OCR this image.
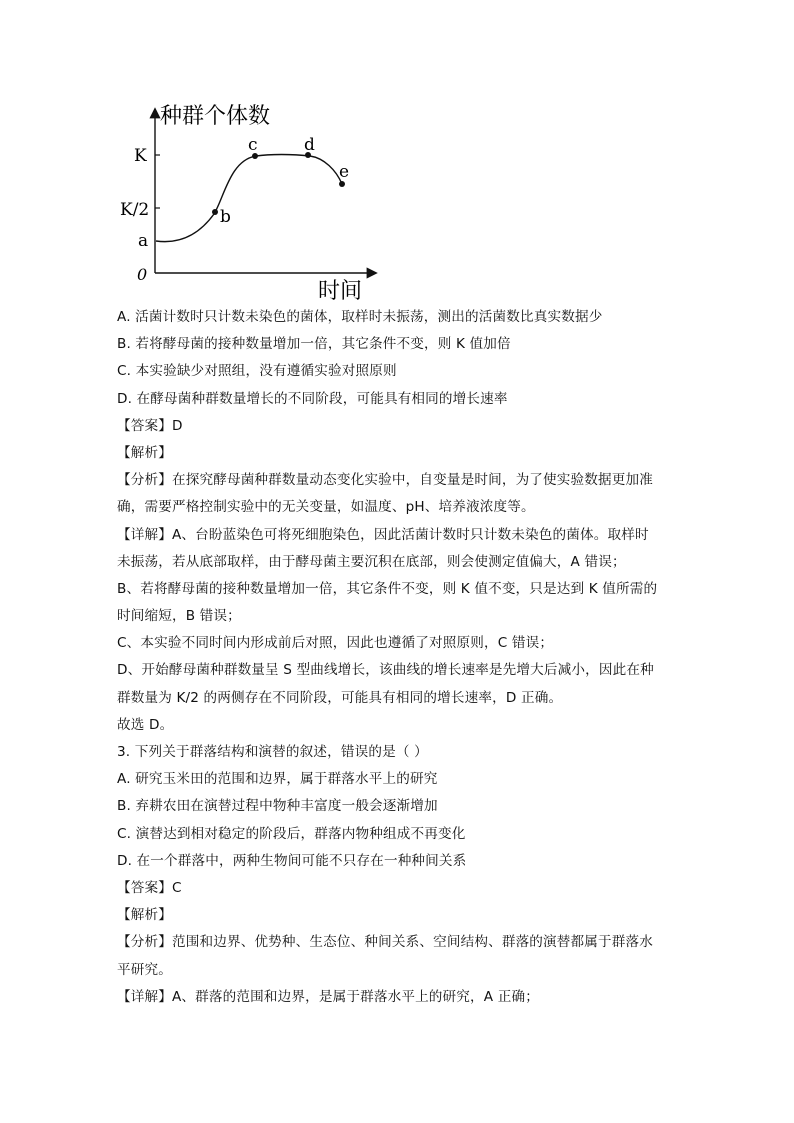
种群个体数
时间
0
K
K/2
a
b
c	d
e
A. 活菌计数时只计数未染色的菌体，取样时未振荡，测出的活菌数比真实数据少
B. 若将酵母菌的接种数量增加一倍，其它条件不变，则 K 值加倍
C. 本实验缺少对照组，没有遵循实验对照原则
D. 在酵母菌种群数量增长的不同阶段，可能具有相同的增长速率
【答案】D
【解析】
【分析】在探究酵母菌种群数量动态变化实验中，自变量是时间，为了使实验数据更加准
确，需要严格控制实验中的无关变量，如温度、pH、培养液浓度等。
【详解】A、台盼蓝染色可将死细胞染色，因此活菌计数时只计数未染色的菌体。取样时
未振荡，若从底部取样，由于酵母菌主要沉积在底部，则会使测定值偏大，A 错误；
B、若将酵母菌的接种数量增加一倍，其它条件不变，则 K 值不变，只是达到 K 值所需的
时间缩短，B 错误；
C、本实验不同时间内形成前后对照，因此也遵循了对照原则，C 错误；
D、开始酵母菌种群数量呈 S 型曲线增长，该曲线的增长速率是先增大后减小，因此在种
群数量为 K/2 的两侧存在不同阶段，可能具有相同的增长速率，D 正确。
故选 D。
3. 下列关于群落结构和演替的叙述，错误的是（ ）
A. 研究玉米田的范围和边界，属于群落水平上的研究
B. 弃耕农田在演替过程中物种丰富度一般会逐渐增加
C. 演替达到相对稳定的阶段后，群落内物种组成不再变化
D. 在一个群落中，两种生物间可能不只存在一种种间关系
【答案】C
【解析】
【分析】范围和边界、优势种、生态位、种间关系、空间结构、群落的演替都属于群落水
平研究。
【详解】A、群落的范围和边界，是属于群落水平上的研究，A 正确；
